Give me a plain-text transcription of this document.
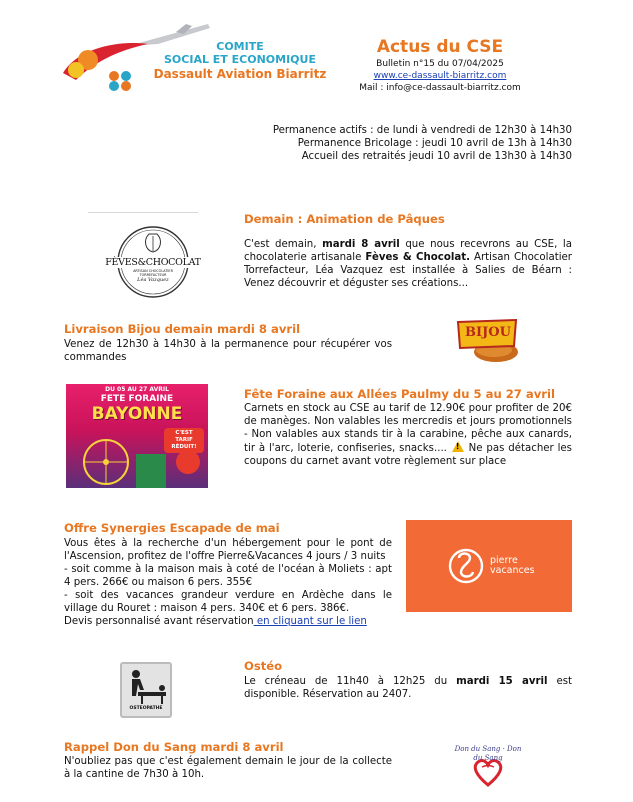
COMITE
SOCIAL ET ECONOMIQUE
Dassault Aviation Biarritz
Actus du CSE
Bulletin n°15 du 07/04/2025
www.ce-dassault-biarritz.com
Mail : info@ce-dassault-biarritz.com
Permanence actifs : de lundi à vendredi de 12h30 à 14h30
Permanence Bricolage : jeudi 10 avril de 13h à 14h30
Accueil des retraités jeudi 10 avril de 13h30 à 14h30
FÈVES&CHOCOLAT
ARTISAN CHOCOLATIER TORREFACTEUR
Léa Vazquez
Demain : Animation de Pâques
C'est demain, mardi 8 avril que nous recevrons au CSE, la chocolaterie artisanale Fèves & Chocolat. Artisan Chocolatier Torrefacteur, Léa Vazquez est installée à Salies de Béarn : Venez découvrir et déguster ses créations...
Livraison Bijou demain mardi 8 avril
Venez de 12h30 à 14h30 à la permanence pour récupérer vos commandes
BIJOU
DU 05 AU 27 AVRIL
FETE FORAINE
BAYONNE
C'EST TARIF RÉDUIT!
Fête Foraine aux Allées Paulmy du 5 au 27 avril
Carnets en stock au CSE au tarif de 12.90€ pour profiter de 20€ de manèges. Non valables les mercredis et jours promotionnels - Non valables aux stands tir à la carabine, pêche aux canards, tir à l'arc, loterie, confiseries, snacks.... ! Ne pas détacher les coupons du carnet avant votre règlement sur place
Offre Synergies Escapade de mai
Vous êtes à la recherche d'un hébergement pour le pont de l'Ascension, profitez de l'offre Pierre&Vacances 4 jours / 3 nuits
- soit comme à la maison mais à coté de l'océan à Moliets : apt 4 pers. 266€ ou maison 6 pers. 355€
- soit des vacances grandeur verdure en Ardèche dans le village du Rouret : maison 4 pers. 340€ et 6 pers. 386€.
Devis personnalisé avant réservation en cliquant sur le lien
pierre
vacances
OSTEOPATHE
Ostéo
Le créneau de 11h40 à 12h25 du mardi 15 avril est disponible. Réservation au 2407.
Rappel Don du Sang mardi 8 avril
N'oubliez pas que c'est également demain le jour de la collecte à la cantine de 7h30 à 10h.
Don du Sang · Don du Sang
